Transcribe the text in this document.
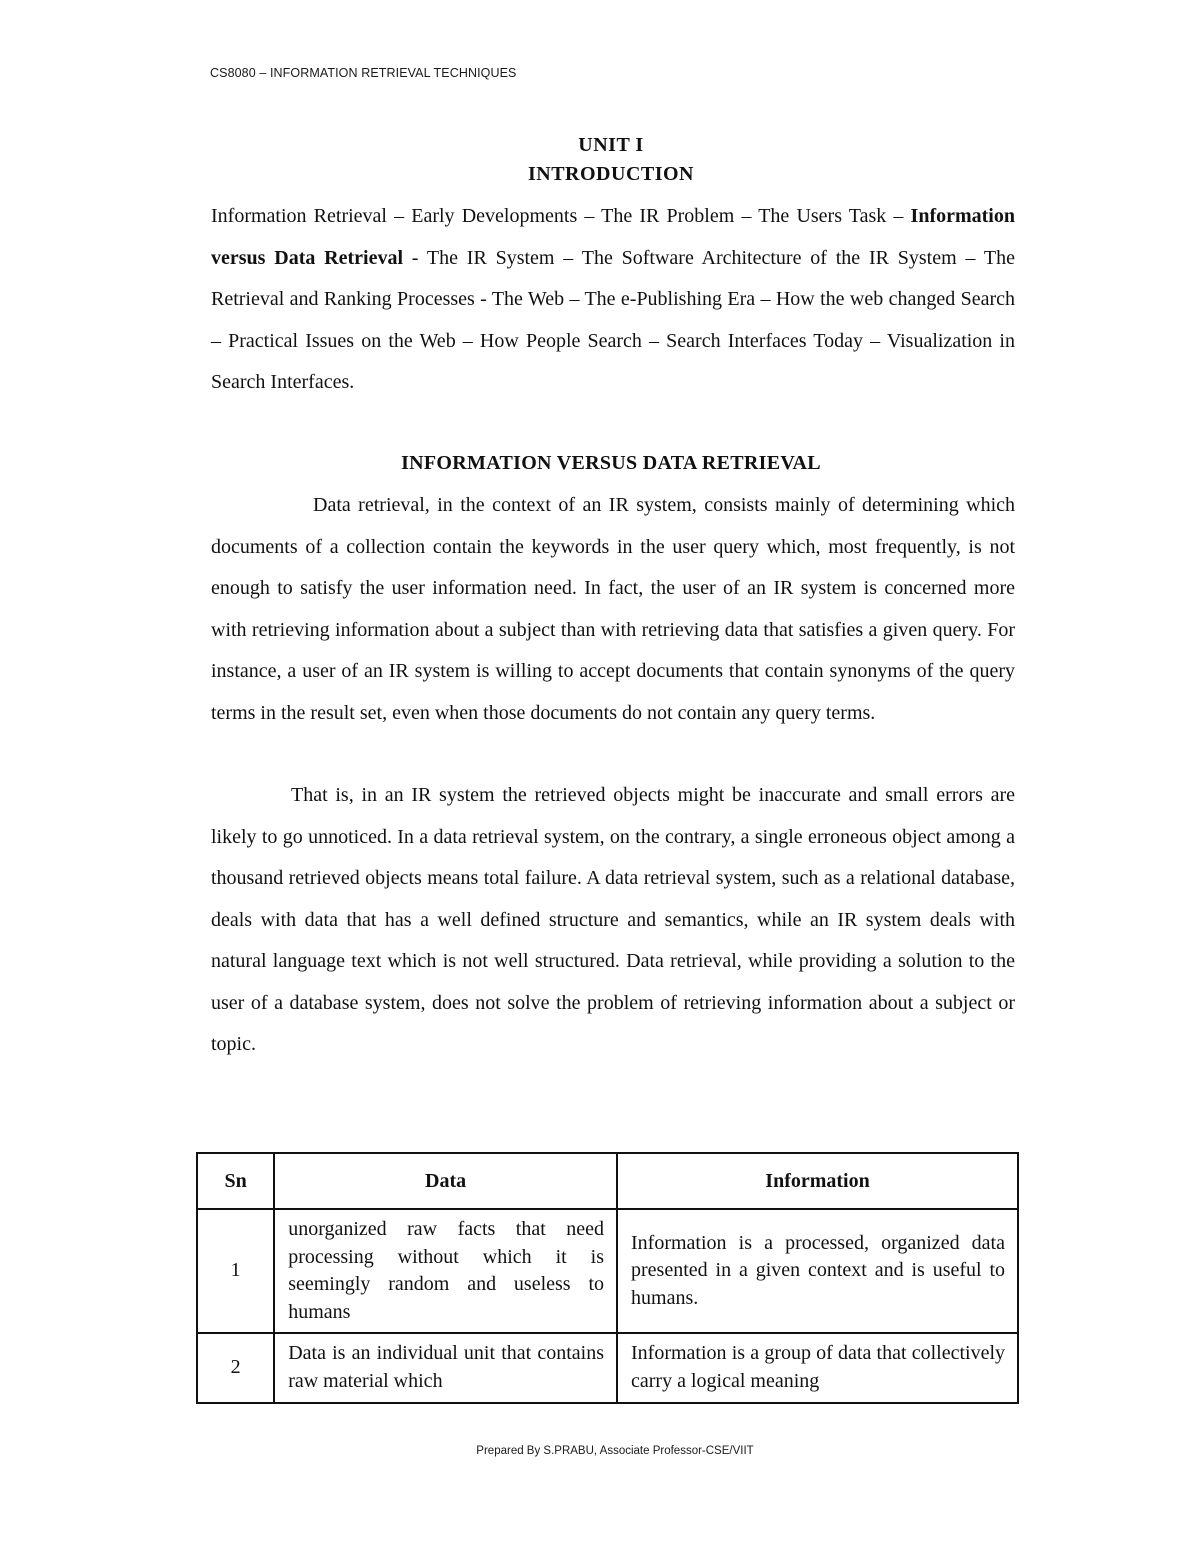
CS8080 – INFORMATION RETRIEVAL TECHNIQUES
UNIT I
INTRODUCTION
Information Retrieval – Early Developments – The IR Problem – The Users Task – Information versus Data Retrieval - The IR System – The Software Architecture of the IR System – The Retrieval and Ranking Processes - The Web – The e-Publishing Era – How the web changed Search – Practical Issues on the Web – How People Search – Search Interfaces Today – Visualization in Search Interfaces.
INFORMATION VERSUS DATA RETRIEVAL
Data retrieval, in the context of an IR system, consists mainly of determining which documents of a collection contain the keywords in the user query which, most frequently, is not enough to satisfy the user information need. In fact, the user of an IR system is concerned more with retrieving information about a subject than with retrieving data that satisfies a given query. For instance, a user of an IR system is willing to accept documents that contain synonyms of the query terms in the result set, even when those documents do not contain any query terms.
That is, in an IR system the retrieved objects might be inaccurate and small errors are likely to go unnoticed. In a data retrieval system, on the contrary, a single erroneous object among a thousand retrieved objects means total failure. A data retrieval system, such as a relational database, deals with data that has a well defined structure and semantics, while an IR system deals with natural language text which is not well structured. Data retrieval, while providing a solution to the user of a database system, does not solve the problem of retrieving information about a subject or topic.
Sn	Data	Information
1	unorganized raw facts that need processing without which it is seemingly random and useless to humans	Information is a processed, organized data presented in a given context and is useful to humans.
2	Data is an individual unit that contains raw material which	Information is a group of data that collectively carry a logical meaning
Prepared By S.PRABU, Associate Professor-CSE/VIIT
